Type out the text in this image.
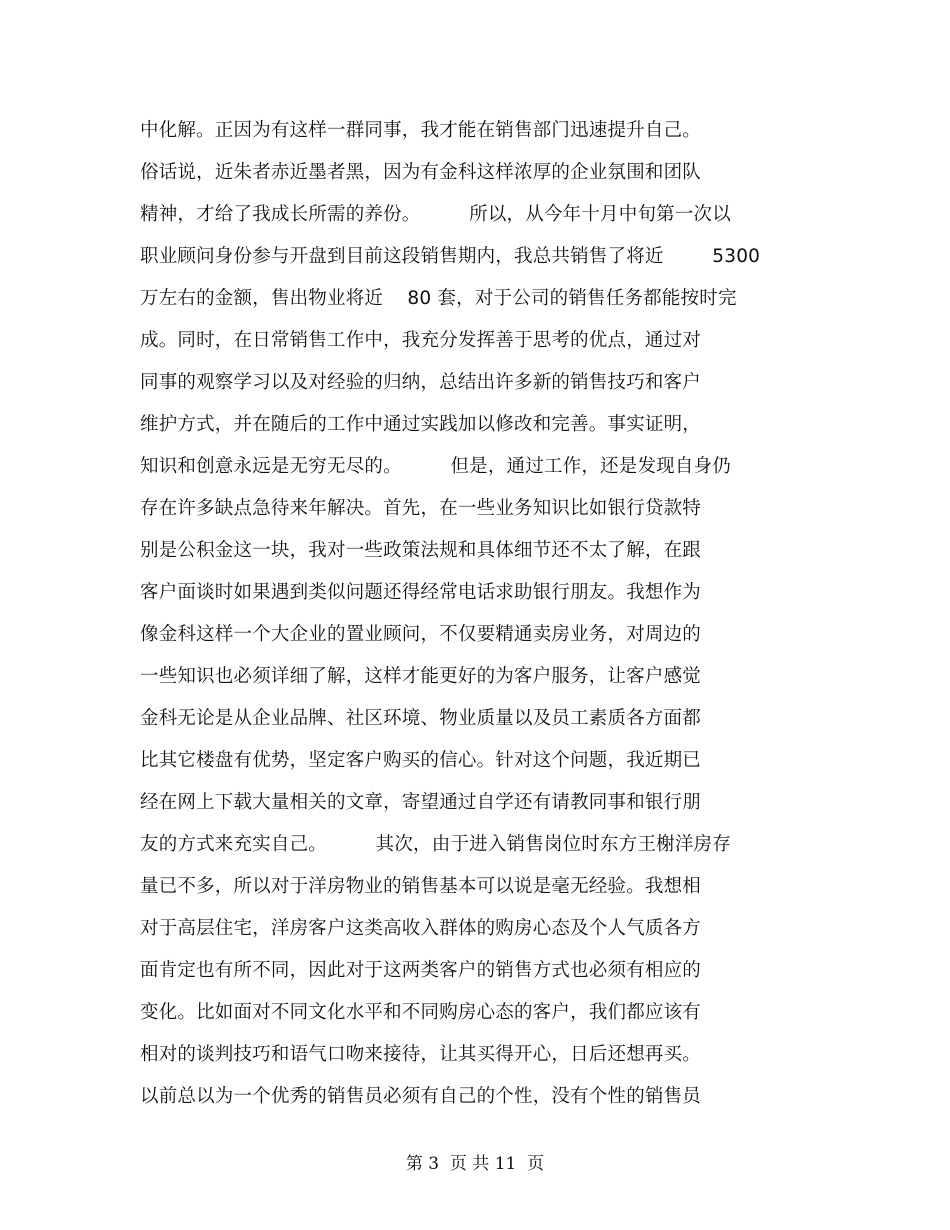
中化解。正因为有这样一群同事，我才能在销售部门迅速提升自己。
俗话说，近朱者赤近墨者黑，因为有金科这样浓厚的企业氛围和团队
精神，才给了我成长所需的养份。        所以，从今年十月中旬第一次以
职业顾问身份参与开盘到目前这段销售期内，我总共销售了将近        5300
万左右的金额，售出物业将近    80 套，对于公司的销售任务都能按时完
成。同时，在日常销售工作中，我充分发挥善于思考的优点，通过对
同事的观察学习以及对经验的归纳，总结出许多新的销售技巧和客户
维护方式，并在随后的工作中通过实践加以修改和完善。事实证明，
知识和创意永远是无穷无尽的。        但是，通过工作，还是发现自身仍
存在许多缺点急待来年解决。首先，在一些业务知识比如银行贷款特
别是公积金这一块，我对一些政策法规和具体细节还不太了解，在跟
客户面谈时如果遇到类似问题还得经常电话求助银行朋友。我想作为
像金科这样一个大企业的置业顾问，不仅要精通卖房业务，对周边的
一些知识也必须详细了解，这样才能更好的为客户服务，让客户感觉
金科无论是从企业品牌、社区环境、物业质量以及员工素质各方面都
比其它楼盘有优势，坚定客户购买的信心。针对这个问题，我近期已
经在网上下载大量相关的文章，寄望通过自学还有请教同事和银行朋
友的方式来充实自己。        其次，由于进入销售岗位时东方王榭洋房存
量已不多，所以对于洋房物业的销售基本可以说是毫无经验。我想相
对于高层住宅，洋房客户这类高收入群体的购房心态及个人气质各方
面肯定也有所不同，因此对于这两类客户的销售方式也必须有相应的
变化。比如面对不同文化水平和不同购房心态的客户，我们都应该有
相对的谈判技巧和语气口吻来接待，让其买得开心，日后还想再买。
以前总以为一个优秀的销售员必须有自己的个性，没有个性的销售员
第 3  页 共 11  页
